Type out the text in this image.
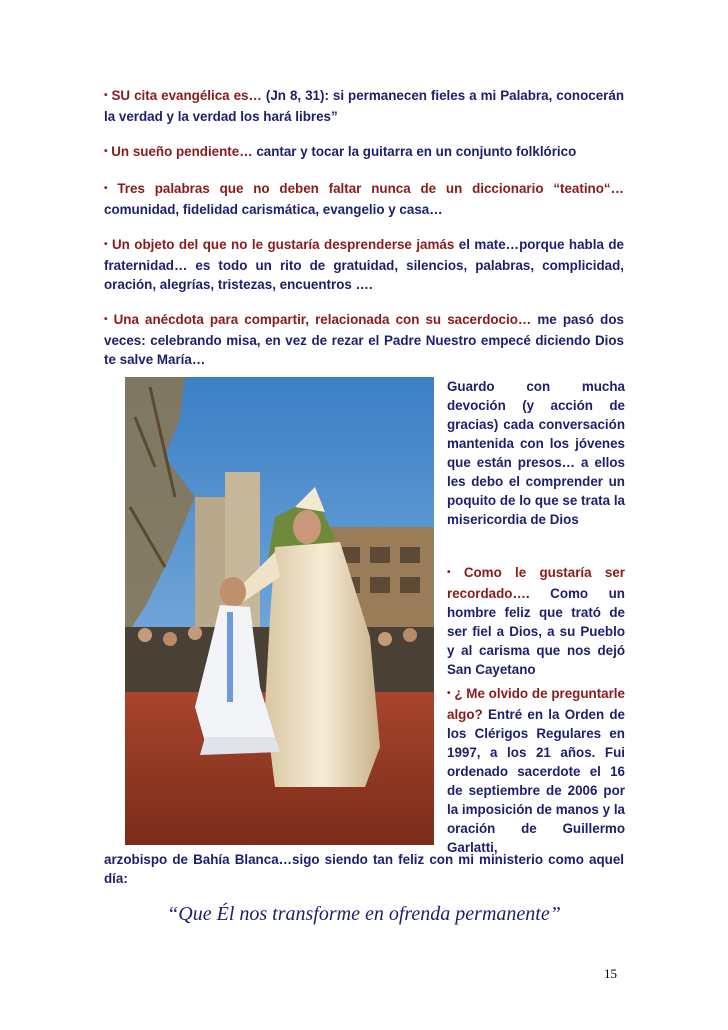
• SU cita evangélica es… (Jn 8, 31): si permanecen fieles a mi Palabra, conocerán la verdad y la verdad los hará libres”

• Un sueño pendiente… cantar y tocar la guitarra en un conjunto folklórico

• Tres palabras que no deben faltar nunca de un diccionario “teatino“…comunidad, fidelidad carismática, evangelio y casa…

• Un objeto del que no le gustaría desprenderse jamás el mate…porque habla de fraternidad… es todo un rito de gratuidad, silencios, palabras, complicidad, oración, alegrías, tristezas, encuentros ….

• Una anécdota para compartir, relacionada con su sacerdocio… me pasó dos veces: celebrando misa, en vez de rezar el Padre Nuestro empecé diciendo Dios te salve María…

Guardo con mucha devoción (y acción de gracias) cada conversación mantenida con los jóvenes que están presos… a ellos les debo el comprender un poquito de lo que se trata la misericordia de Dios

• Como le gustaría ser recordado…. Como un hombre feliz que trató de ser fiel a Dios, a su Pueblo y al carisma que nos dejó San Cayetano

• ¿ Me olvido de preguntarle algo? Entré en la Orden de los Clérigos Regulares en 1997, a los 21 años. Fui ordenado sacerdote el 16 de septiembre de 2006 por la imposición de manos y la oración de Guillermo Garlatti,

arzobispo de Bahía Blanca…sigo siendo tan feliz con mi ministerio como aquel día:

“Que Él nos transforme en ofrenda permanente”
15
